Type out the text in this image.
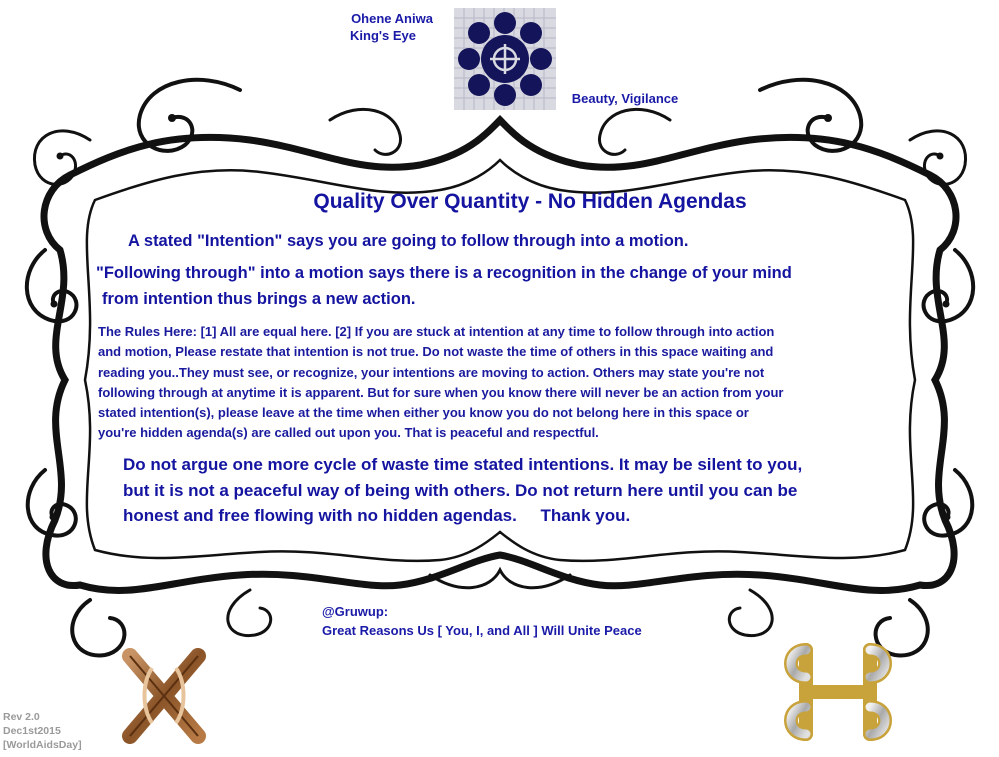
Ohene Aniwa
King's Eye
Beauty, Vigilance
Quality Over Quantity - No Hidden Agendas
A stated "Intention" says you are going to follow through into a motion.
"Following through" into a motion says there is a recognition in the change of your mind
from intention thus brings a new action.
The Rules Here: [1] All are equal here. [2] If you are stuck at intention at any time to follow through into action
and motion, Please restate that intention is not true. Do not waste the time of others in this space waiting and
reading you..They must see, or recognize, your intentions are moving to action. Others may state you're not
following through at anytime it is apparent. But for sure when you know there will never be an action from your
stated intention(s), please leave at the time when either you know you do not belong here in this space or
you're hidden agenda(s) are called out upon you. That is peaceful and respectful.
Do not argue one more cycle of waste time stated intentions. It may be silent to you,
but it is not a peaceful way of being with others. Do not return here until you can be
honest and free flowing with no hidden agendas.     Thank you.
@Gruwup:
Great Reasons Us [ You, I, and All ] Will Unite Peace
Rev 2.0
Dec1st2015
[WorldAidsDay]
